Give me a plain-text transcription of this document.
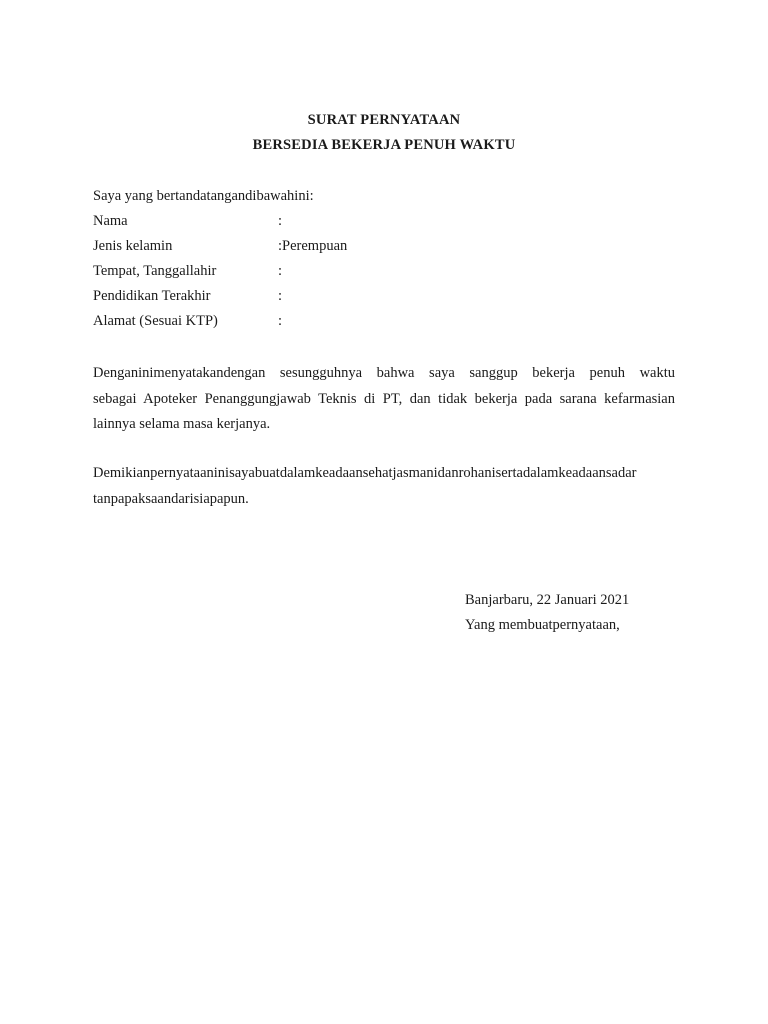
SURAT PERNYATAAN
BERSEDIA BEKERJA PENUH WAKTU
Saya yang bertandatangandibawahini:
Nama	:
Jenis kelamin	:Perempuan
Tempat, Tanggallahir	:
Pendidikan Terakhir	:
Alamat (Sesuai KTP)	:
Denganinimenyatakandengan sesungguhnya bahwa saya sanggup bekerja penuh waktu
sebagai Apoteker Penanggungjawab Teknis di PT, dan tidak bekerja pada sarana kefarmasian
lainnya selama masa kerjanya.
Demikianpernyataaninisayabuatdalamkeadaansehatjasmanidanrohanisertadalamkeadaansadar
tanpapaksaandarisiapapun.
Banjarbaru, 22 Januari 2021
Yang membuatpernyataan,
